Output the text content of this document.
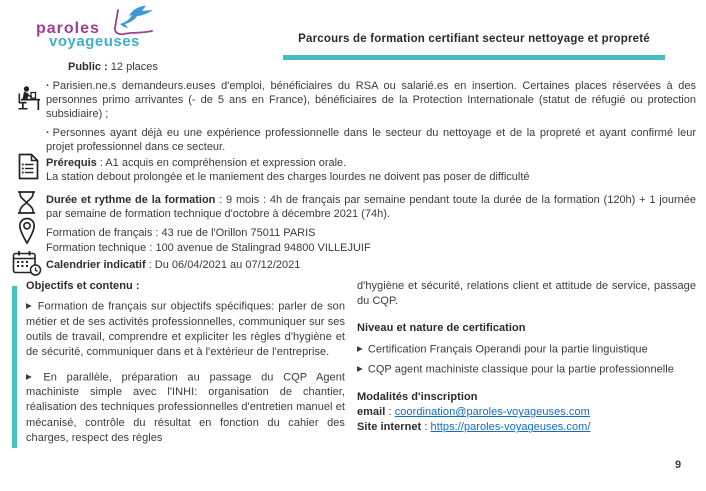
paroles
voyageuses	Parcours de formation certifiant secteur nettoyage et propreté
Public : 12 places
· Parisien.ne.s demandeurs.euses d'emploi, bénéficiaires du RSA ou salarié.es en insertion. Certaines places réservées à des personnes primo arrivantes (- de 5 ans en France), bénéficiaires de la Protection Internationale (statut de réfugié ou protection subsidiaire) ;
· Personnes ayant déjà eu une expérience professionnelle dans le secteur du nettoyage et de la propreté et ayant confirmé leur projet professionnel dans ce secteur.
Prérequis : A1 acquis en compréhension et expression orale.
La station debout prolongée et le maniement des charges lourdes ne doivent pas poser de difficulté
Durée et rythme de la formation : 9 mois : 4h de français par semaine pendant toute la durée de la formation (120h) + 1 journée par semaine de formation technique d'octobre à décembre 2021 (74h).
Formation de français : 43 rue de l'Orillon 75011 PARIS
Formation technique : 100 avenue de Stalingrad 94800 VILLEJUIF
Calendrier indicatif : Du 06/04/2021 au 07/12/2021
Objectifs et contenu :
▶ Formation de français sur objectifs spécifiques: parler de son métier et de ses activités professionnelles, communiquer sur ses outils de travail, comprendre et expliciter les règles d'hygiène et de sécurité, communiquer dans et à l'extérieur de l'entreprise.
▶ En parallèle, préparation au passage du CQP Agent machiniste simple avec l'INHI: organisation de chantier, réalisation des techniques professionnelles d'entretien manuel et mécanisé, contrôle du résultat en fonction du cahier des charges, respect des règles
d'hygiène et sécurité, relations client et attitude de service, passage du CQP.
Niveau et nature de certification
▶ Certification Français Operandi pour la partie linguistique
▶ CQP agent machiniste classique pour la partie professionnelle
Modalités d'inscription
email : coordination@paroles-voyageuses.com
Site internet : https://paroles-voyageuses.com/
9
